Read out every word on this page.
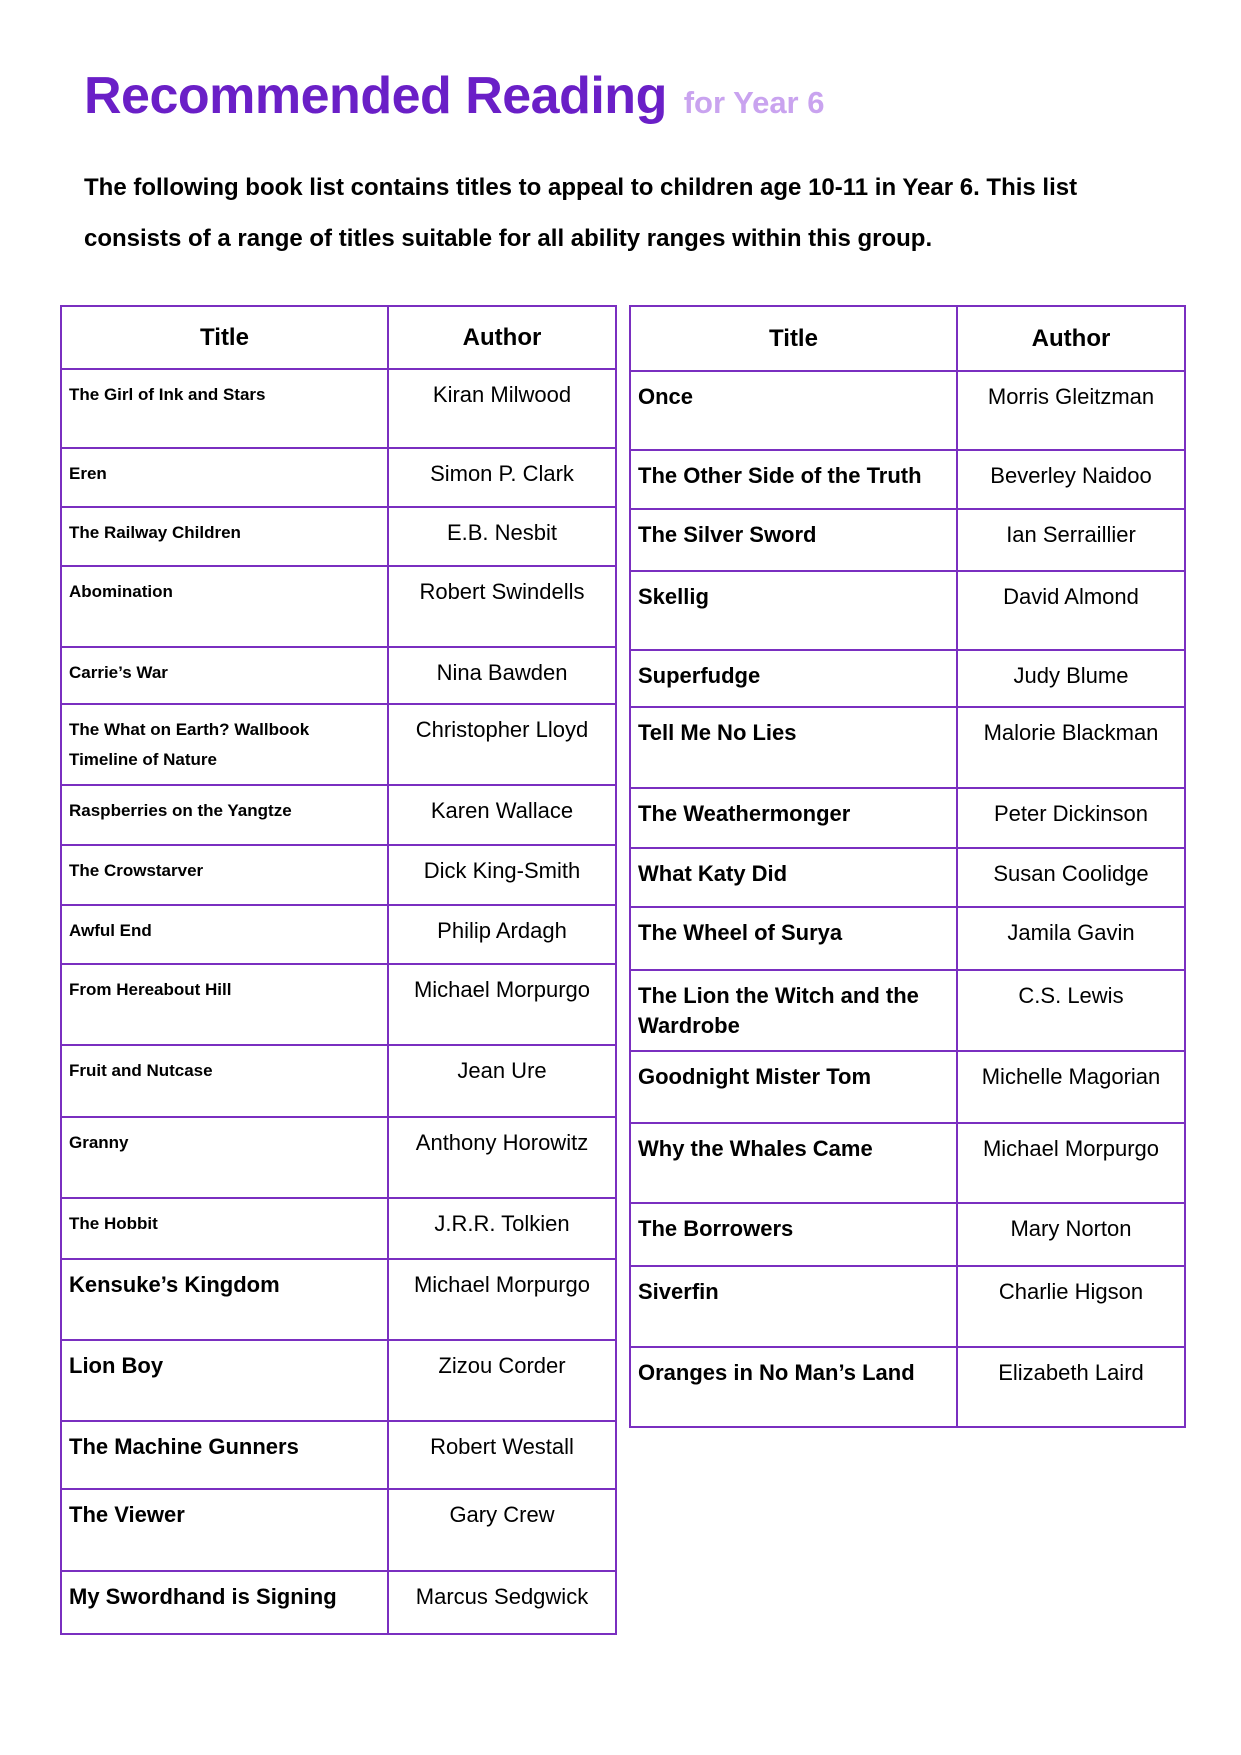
Recommended Reading for Year 6

The following book list contains titles to appeal to children age 10-11 in Year 6. This list consists of a range of titles suitable for all ability ranges within this group.

Title	Author
The Girl of Ink and Stars	Kiran Milwood
Eren	Simon P. Clark
The Railway Children	E.B. Nesbit
Abomination	Robert Swindells
Carrie’s War	Nina Bawden
The What on Earth? Wallbook Timeline of Nature	Christopher Lloyd
Raspberries on the Yangtze	Karen Wallace
The Crowstarver	Dick King-Smith
Awful End	Philip Ardagh
From Hereabout Hill	Michael Morpurgo
Fruit and Nutcase	Jean Ure
Granny	Anthony Horowitz
The Hobbit	J.R.R. Tolkien
Kensuke’s Kingdom	Michael Morpurgo
Lion Boy	Zizou Corder
The Machine Gunners	Robert Westall
The Viewer	Gary Crew
My Swordhand is Signing	Marcus Sedgwick
Title	Author
Once	Morris Gleitzman
The Other Side of the Truth	Beverley Naidoo
The Silver Sword	Ian Serraillier
Skellig	David Almond
Superfudge	Judy Blume
Tell Me No Lies	Malorie Blackman
The Weathermonger	Peter Dickinson
What Katy Did	Susan Coolidge
The Wheel of Surya	Jamila Gavin
The Lion the Witch and the Wardrobe	C.S. Lewis
Goodnight Mister Tom	Michelle Magorian
Why the Whales Came	Michael Morpurgo
The Borrowers	Mary Norton
Siverfin	Charlie Higson
Oranges in No Man’s Land	Elizabeth Laird
